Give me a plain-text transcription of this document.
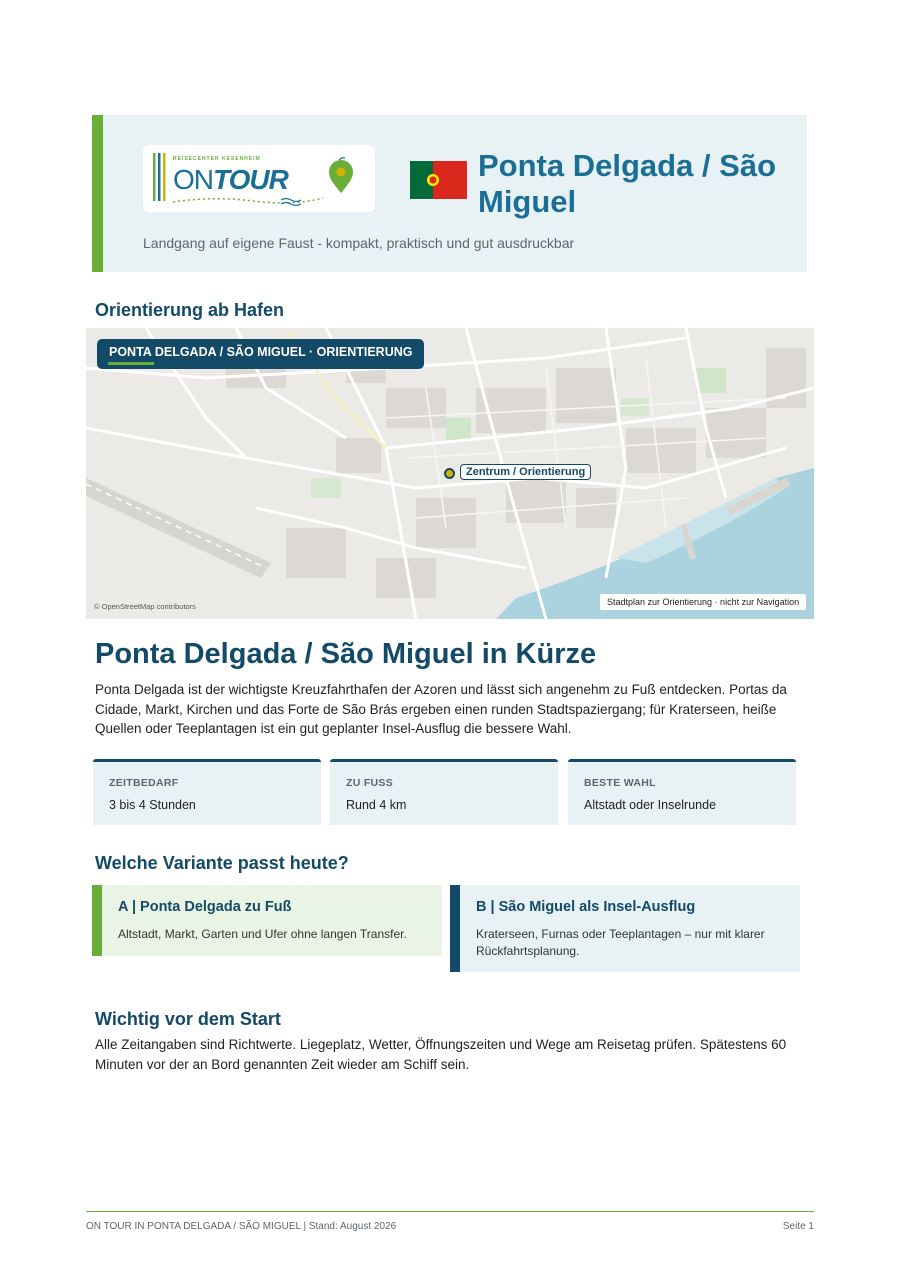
REISECENTER KESENHEIM
ONTOUR	Ponta Delgada / São Miguel
Landgang auf eigene Faust - kompakt, praktisch und gut ausdruckbar
Orientierung ab Hafen
PONTA DELGADA / SÃO MIGUEL · ORIENTIERUNG
Zentrum / Orientierung
© OpenStreetMap contributors	Stadtplan zur Orientierung · nicht zur Navigation
Ponta Delgada / São Miguel in Kürze
Ponta Delgada ist der wichtigste Kreuzfahrthafen der Azoren und lässt sich angenehm zu Fuß entdecken. Portas da Cidade, Markt, Kirchen und das Forte de São Brás ergeben einen runden Stadtspaziergang; für Kraterseen, heiße Quellen oder Teeplantagen ist ein gut geplanter Insel-Ausflug die bessere Wahl.
ZEITBEDARF
3 bis 4 Stunden
ZU FUSS
Rund 4 km
BESTE WAHL
Altstadt oder Inselrunde
Welche Variante passt heute?
A | Ponta Delgada zu Fuß
Altstadt, Markt, Garten und Ufer ohne langen Transfer.
B | São Miguel als Insel-Ausflug
Kraterseen, Furnas oder Teeplantagen – nur mit klarer Rückfahrtsplanung.
Wichtig vor dem Start
Alle Zeitangaben sind Richtwerte. Liegeplatz, Wetter, Öffnungszeiten und Wege am Reisetag prüfen. Spätestens 60 Minuten vor der an Bord genannten Zeit wieder am Schiff sein.
ON TOUR IN PONTA DELGADA / SÃO MIGUEL | Stand: August 2026	Seite 1
